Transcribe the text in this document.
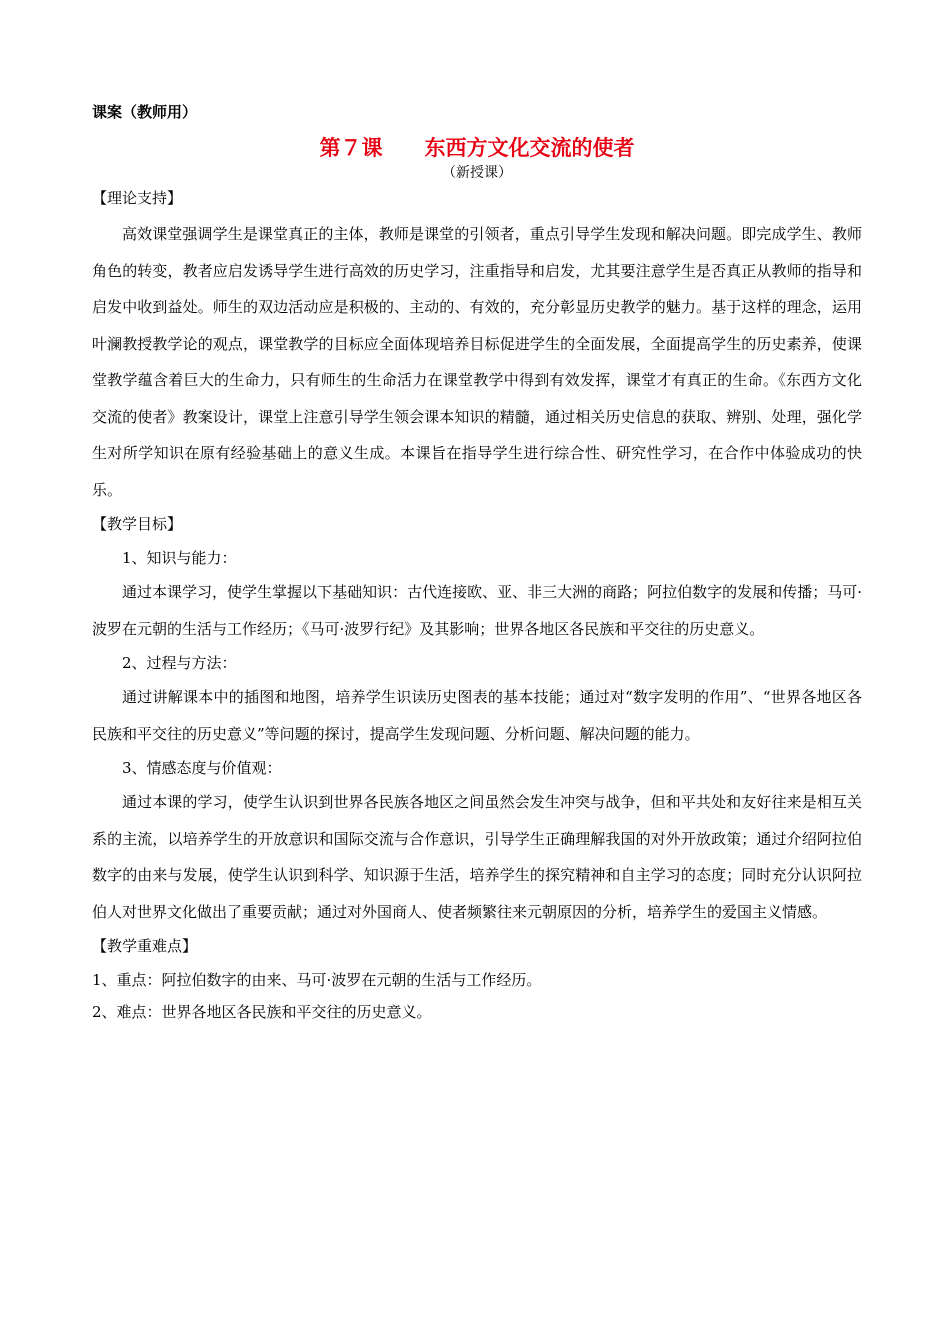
课案（教师用）
第７课　　东西方文化交流的使者
（新授课）
【理论支持】

高效课堂强调学生是课堂真正的主体，教师是课堂的引领者，重点引导学生发现和解决问题。即完成学生、教师角色的转变，教者应启发诱导学生进行高效的历史学习，注重指导和启发，尤其要注意学生是否真正从教师的指导和启发中收到益处。师生的双边活动应是积极的、主动的、有效的，充分彰显历史教学的魅力。基于这样的理念，运用叶澜教授教学论的观点，课堂教学的目标应全面体现培养目标促进学生的全面发展，全面提高学生的历史素养，使课堂教学蕴含着巨大的生命力，只有师生的生命活力在课堂教学中得到有效发挥，课堂才有真正的生命。《东西方文化交流的使者》教案设计，课堂上注意引导学生领会课本知识的精髓，通过相关历史信息的获取、辨别、处理，强化学生对所学知识在原有经验基础上的意义生成。本课旨在指导学生进行综合性、研究性学习，在合作中体验成功的快乐。

【教学目标】

1、知识与能力：

通过本课学习，使学生掌握以下基础知识：古代连接欧、亚、非三大洲的商路；阿拉伯数字的发展和传播；马可·波罗在元朝的生活与工作经历；《马可·波罗行纪》及其影响；世界各地区各民族和平交往的历史意义。

2、过程与方法：

通过讲解课本中的插图和地图，培养学生识读历史图表的基本技能；通过对“数字发明的作用”、“世界各地区各民族和平交往的历史意义”等问题的探讨，提高学生发现问题、分析问题、解决问题的能力。

3、情感态度与价值观：

通过本课的学习，使学生认识到世界各民族各地区之间虽然会发生冲突与战争，但和平共处和友好往来是相互关系的主流，以培养学生的开放意识和国际交流与合作意识，引导学生正确理解我国的对外开放政策；通过介绍阿拉伯数字的由来与发展，使学生认识到科学、知识源于生活，培养学生的探究精神和自主学习的态度；同时充分认识阿拉伯人对世界文化做出了重要贡献；通过对外国商人、使者频繁往来元朝原因的分析，培养学生的爱国主义情感。

【教学重难点】

1、重点：阿拉伯数字的由来、马可·波罗在元朝的生活与工作经历。

2、难点：世界各地区各民族和平交往的历史意义。
